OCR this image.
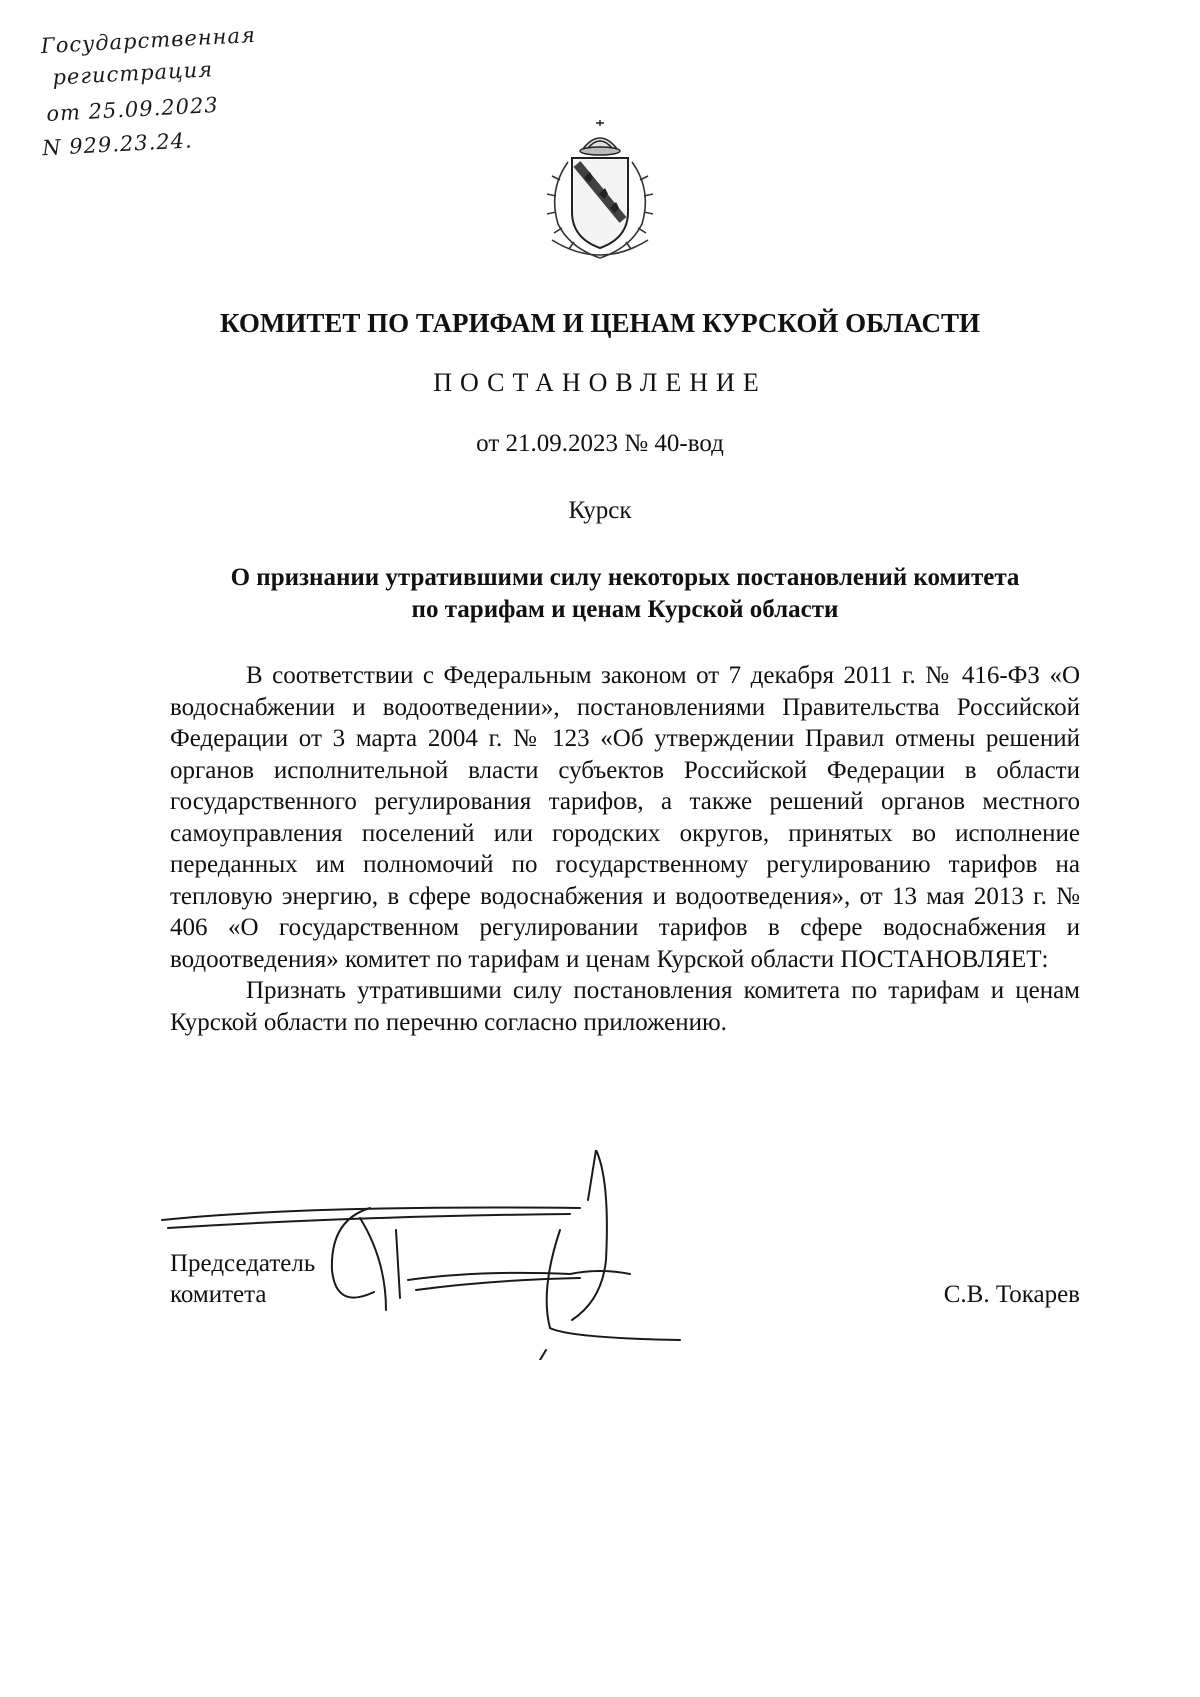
Государственная
регистрация
от 25.09.2023
N 929.23.24.
КОМИТЕТ ПО ТАРИФАМ И ЦЕНАМ КУРСКОЙ ОБЛАСТИ
ПОСТАНОВЛЕНИЕ
от 21.09.2023 № 40-вод
Курск
О признании утратившими силу некоторых постановлений комитета
по тарифам и ценам Курской области

В соответствии с Федеральным законом от 7 декабря 2011 г. № 416-ФЗ «О водоснабжении и водоотведении», постановлениями Правительства Российской Федерации от 3 марта 2004 г. № 123 «Об утверждении Правил отмены решений органов исполнительной власти субъектов Российской Федерации в области государственного регулирования тарифов, а также решений органов местного самоуправления поселений или городских округов, принятых во исполнение переданных им полномочий по государственному регулированию тарифов на тепловую энергию, в сфере водоснабжения и водоотведения», от 13 мая 2013 г. № 406 «О государственном регулировании тарифов в сфере водоснабжения и водоотведения» комитет по тарифам и ценам Курской области ПОСТАНОВЛЯЕТ:

Признать утратившими силу постановления комитета по тарифам и ценам Курской области по перечню согласно приложению.

Председатель
комитета	С.В. Токарев
